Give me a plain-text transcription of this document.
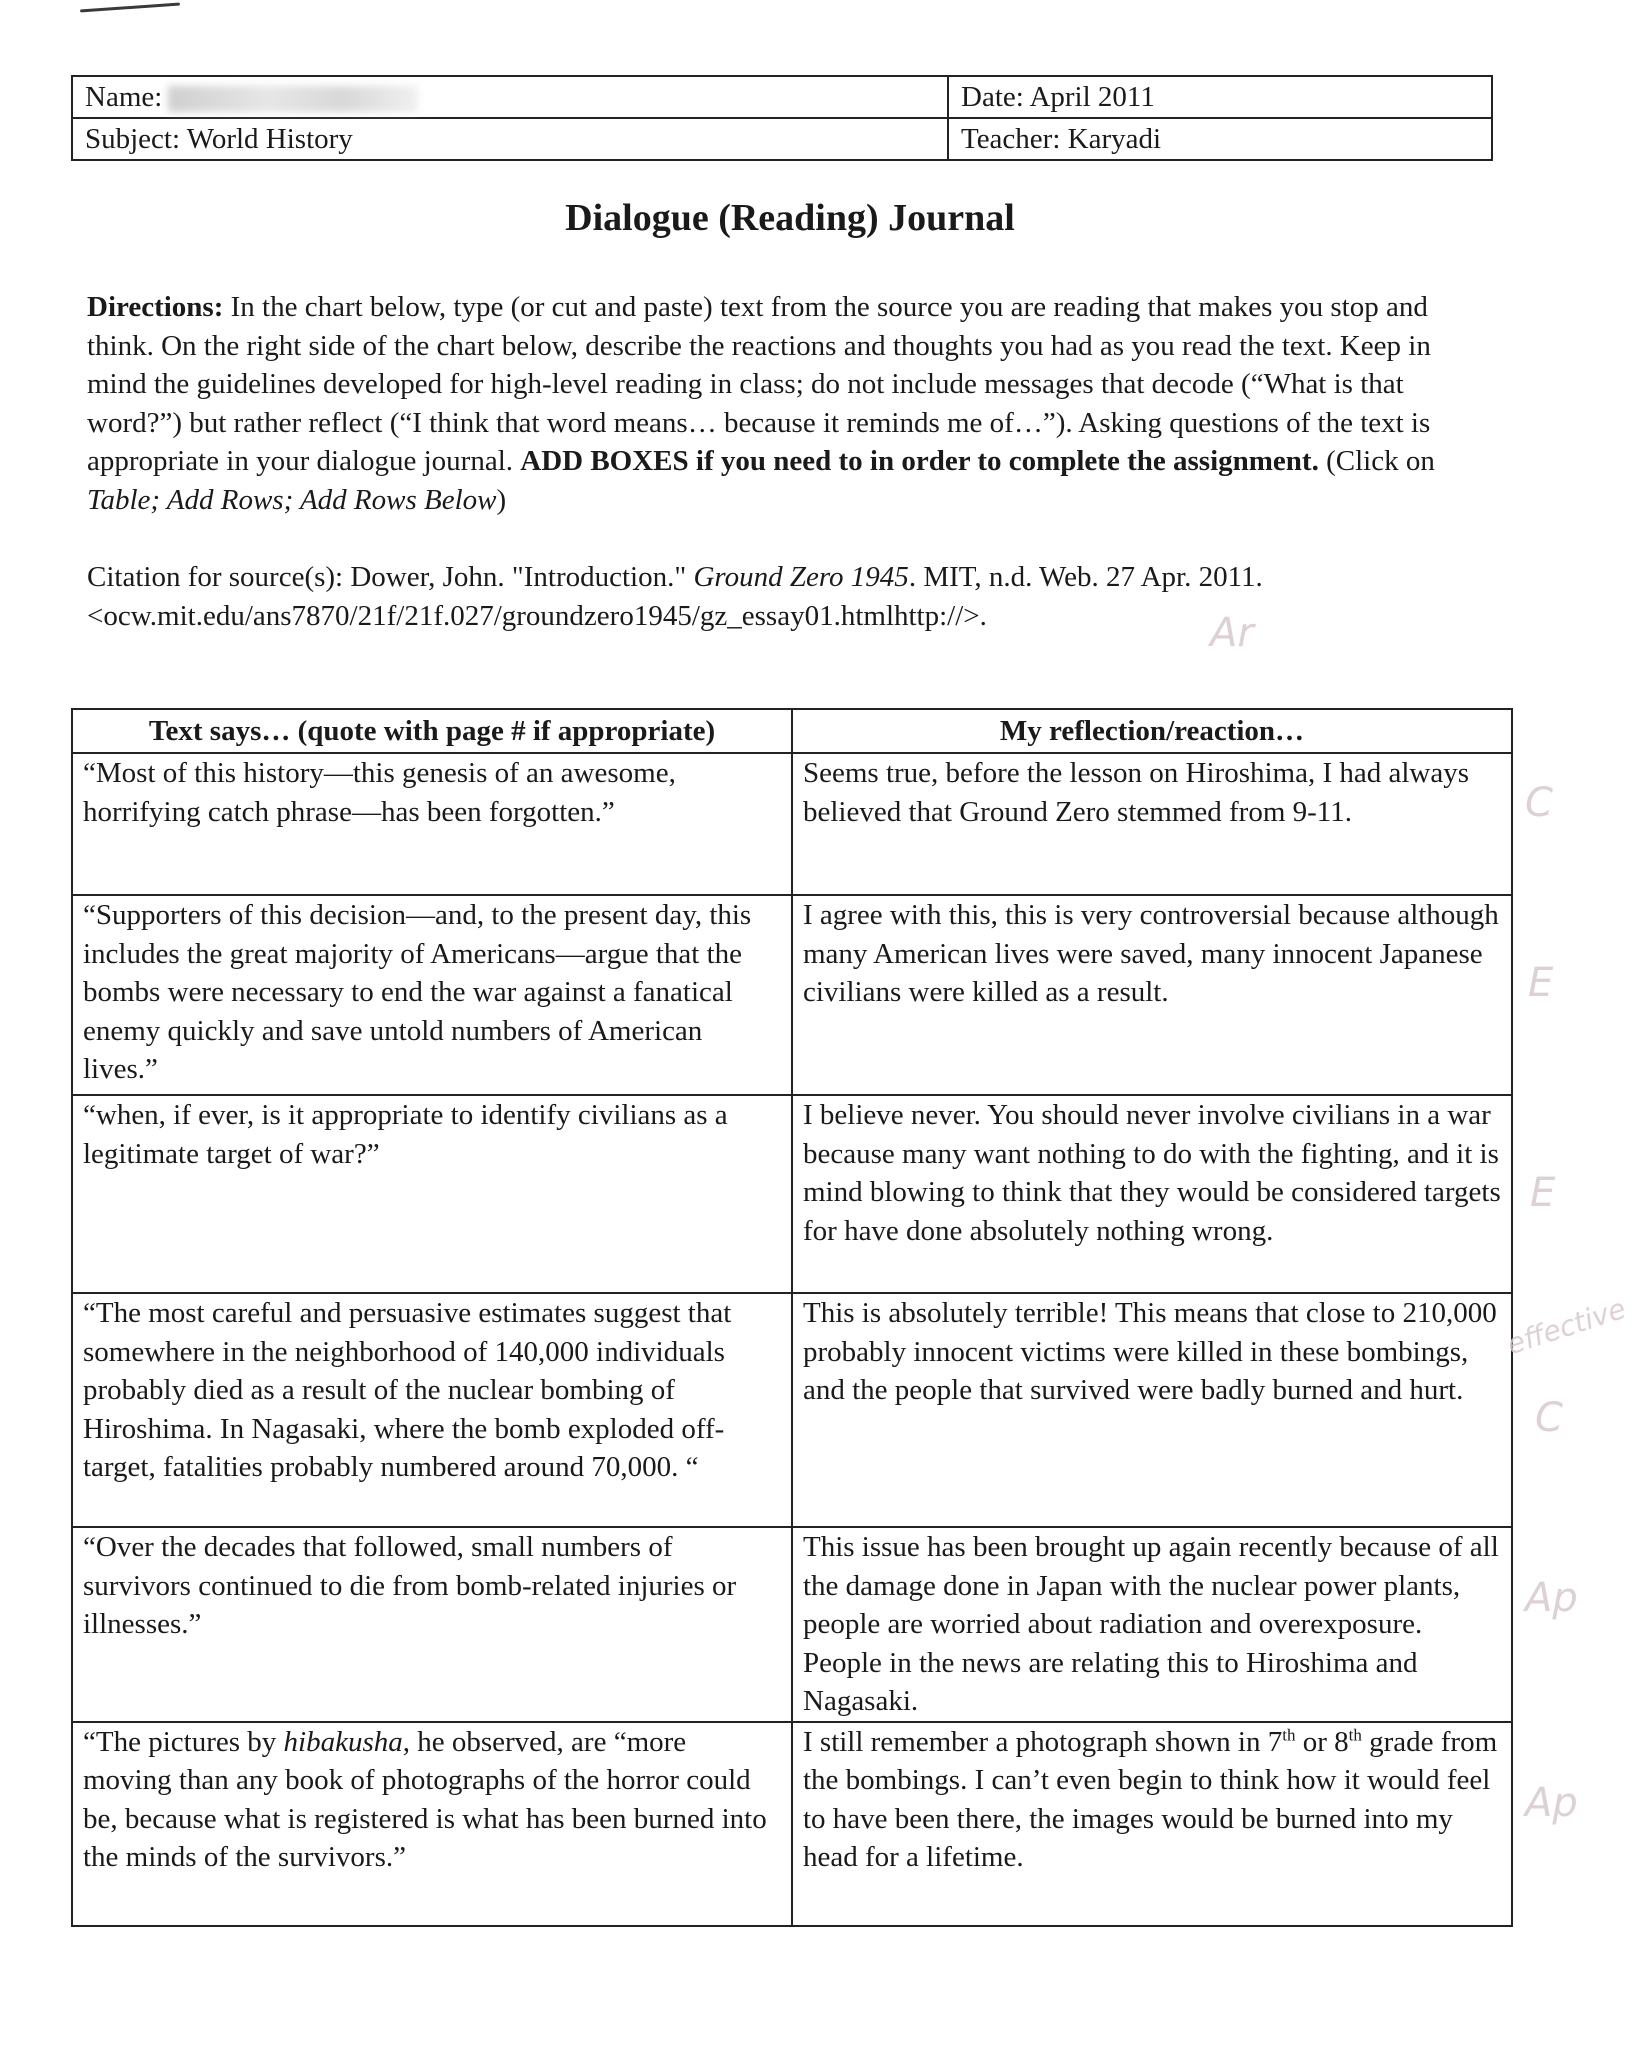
Name:	Date: April 2011
Subject: World History	Teacher: Karyadi
Dialogue (Reading) Journal
Directions: In the chart below, type (or cut and paste) text from the source you are reading that makes you stop and think. On the right side of the chart below, describe the reactions and thoughts you had as you read the text. Keep in mind the guidelines developed for high-level reading in class; do not include messages that decode (“What is that word?”) but rather reflect (“I think that word means… because it reminds me of…”). Asking questions of the text is appropriate in your dialogue journal. ADD BOXES if you need to in order to complete the assignment. (Click on Table; Add Rows; Add Rows Below)
Citation for source(s): Dower, John. "Introduction." Ground Zero 1945. MIT, n.d. Web. 27 Apr. 2011.
<ocw.mit.edu/ans7870/21f/21f.027/groundzero1945/gz_essay01.htmlhttp://>.
Text says… (quote with page # if appropriate)	My reflection/reaction…
“Most of this history—this genesis of an awesome, horrifying catch phrase—has been forgotten.”	Seems true, before the lesson on Hiroshima, I had always believed that Ground Zero stemmed from 9-11.
“Supporters of this decision—and, to the present day, this includes the great majority of Americans—argue that the bombs were necessary to end the war against a fanatical enemy quickly and save untold numbers of American lives.”	I agree with this, this is very controversial because although many American lives were saved, many innocent Japanese civilians were killed as a result.
“when, if ever, is it appropriate to identify civilians as a legitimate target of war?”	I believe never. You should never involve civilians in a war because many want nothing to do with the fighting, and it is mind blowing to think that they would be considered targets for have done absolutely nothing wrong.
“The most careful and persuasive estimates suggest that somewhere in the neighborhood of 140,000 individuals probably died as a result of the nuclear bombing of Hiroshima. In Nagasaki, where the bomb exploded off-target, fatalities probably numbered around 70,000. “	This is absolutely terrible! This means that close to 210,000 probably innocent victims were killed in these bombings, and the people that survived were badly burned and hurt.
“Over the decades that followed, small numbers of survivors continued to die from bomb-related injuries or illnesses.”	This issue has been brought up again recently because of all the damage done in Japan with the nuclear power plants, people are worried about radiation and overexposure. People in the news are relating this to Hiroshima and Nagasaki.
“The pictures by hibakusha, he observed, are “more moving than any book of photographs of the horror could be, because what is registered is what has been burned into the minds of the survivors.”	I still remember a photograph shown in 7th or 8th grade from the bombings. I can’t even begin to think how it would feel to have been there, the images would be burned into my head for a lifetime.
Ar
C
E
E
effective
C
Ap
Ap
